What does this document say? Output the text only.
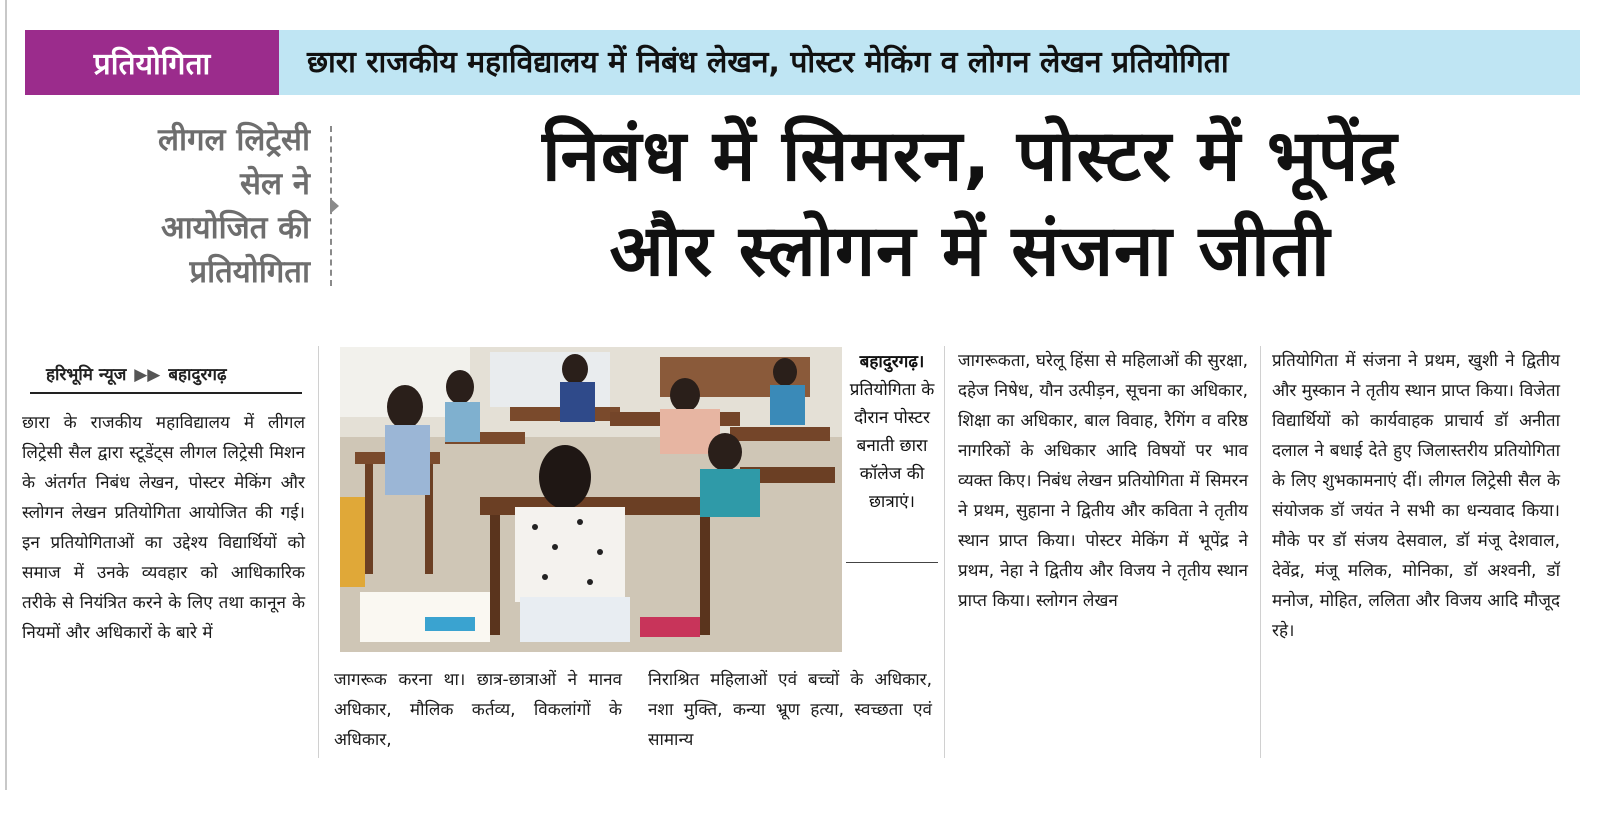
प्रतियोगिता	छारा राजकीय महाविद्यालय में निबंध लेखन, पोस्टर मेकिंग व लोगन लेखन प्रतियोगिता
लीगल लिट्रेसी
सेल ने
आयोजित की
प्रतियोगिता
निबंध में सिमरन, पोस्टर में भूपेंद्र
और स्लोगन में संजना जीती
हरिभूमि न्यूज ▶▶ बहादुरगढ़
छारा के राजकीय महाविद्यालय में लीगल लिट्रेसी सैल द्वारा स्टूडेंट्स लीगल लिट्रेसी मिशन के अंतर्गत निबंध लेखन, पोस्टर मेकिंग और स्लोगन लेखन प्रतियोगिता आयोजित की गई। इन प्रतियोगिताओं का उद्देश्य विद्यार्थियों को समाज में उनके व्यवहार को आधिकारिक तरीके से नियंत्रित करने के लिए तथा कानून के नियमों और अधिकारों के बारे में
बहादुरगढ़। प्रतियोगिता के दौरान पोस्टर बनाती छारा कॉलेज की छात्राएं।
जागरूक करना था। छात्र-छात्राओं ने मानव अधिकार, मौलिक कर्तव्य, विकलांगों के अधिकार,
निराश्रित महिलाओं एवं बच्चों के अधिकार, नशा मुक्ति, कन्या भ्रूण हत्या, स्वच्छता एवं सामान्य
जागरूकता, घरेलू हिंसा से महिलाओं की सुरक्षा, दहेज निषेध, यौन उत्पीड़न, सूचना का अधिकार, शिक्षा का अधिकार, बाल विवाह, रैगिंग व वरिष्ठ नागरिकों के अधिकार आदि विषयों पर भाव व्यक्त किए। निबंध लेखन प्रतियोगिता में सिमरन ने प्रथम, सुहाना ने द्वितीय और कविता ने तृतीय स्थान प्राप्त किया। पोस्टर मेकिंग में भूपेंद्र ने प्रथम, नेहा ने द्वितीय और विजय ने तृतीय स्थान प्राप्त किया। स्लोगन लेखन
प्रतियोगिता में संजना ने प्रथम, खुशी ने द्वितीय और मुस्कान ने तृतीय स्थान प्राप्त किया। विजेता विद्यार्थियों को कार्यवाहक प्राचार्य डॉ अनीता दलाल ने बधाई देते हुए जिलास्तरीय प्रतियोगिता के लिए शुभकामनाएं दीं। लीगल लिट्रेसी सैल के संयोजक डॉ जयंत ने सभी का धन्यवाद किया। मौके पर डॉ संजय देसवाल, डॉ मंजू देशवाल, देवेंद्र, मंजू मलिक, मोनिका, डॉ अश्वनी, डॉ मनोज, मोहित, ललिता और विजय आदि मौजूद रहे।
